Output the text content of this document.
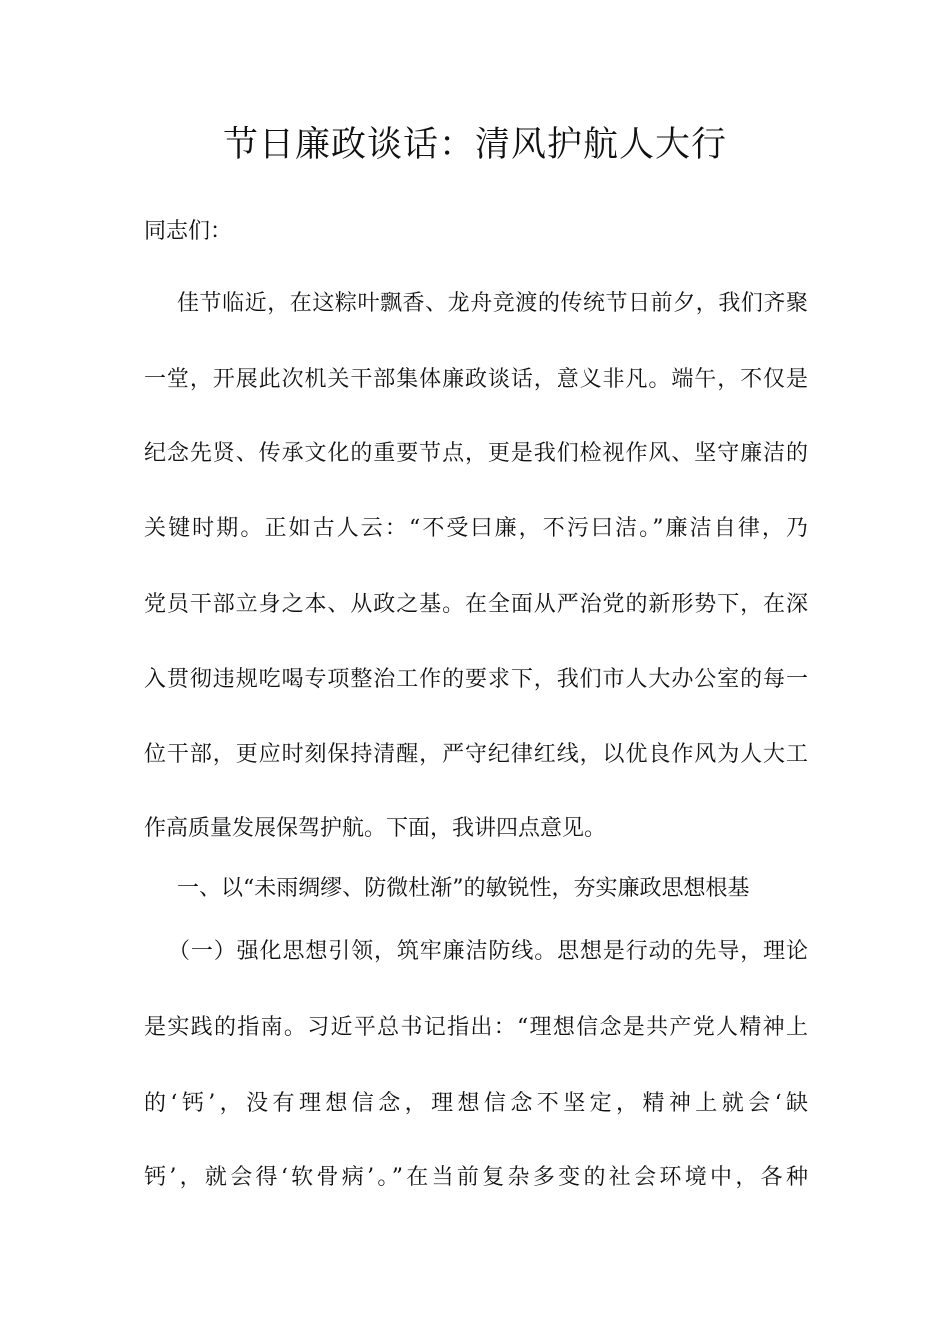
节日廉政谈话：清风护航人大行
同志们：
佳节临近，在这粽叶飘香、龙舟竞渡的传统节日前夕，我们齐聚
一堂，开展此次机关干部集体廉政谈话，意义非凡。端午，不仅是
纪念先贤、传承文化的重要节点，更是我们检视作风、坚守廉洁的
关键时期。正如古人云：“不受曰廉，不污曰洁。”廉洁自律，乃
党员干部立身之本、从政之基。在全面从严治党的新形势下，在深
入贯彻违规吃喝专项整治工作的要求下，我们市人大办公室的每一
位干部，更应时刻保持清醒，严守纪律红线，以优良作风为人大工
作高质量发展保驾护航。下面，我讲四点意见。
一、以“未雨绸缪、防微杜渐”的敏锐性，夯实廉政思想根基
（一）强化思想引领，筑牢廉洁防线。思想是行动的先导，理论
是实践的指南。习近平总书记指出：“理想信念是共产党人精神上
的‘钙’，没有理想信念，理想信念不坚定，精神上就会‘缺
钙’，就会得‘软骨病’。”在当前复杂多变的社会环境中，各种
